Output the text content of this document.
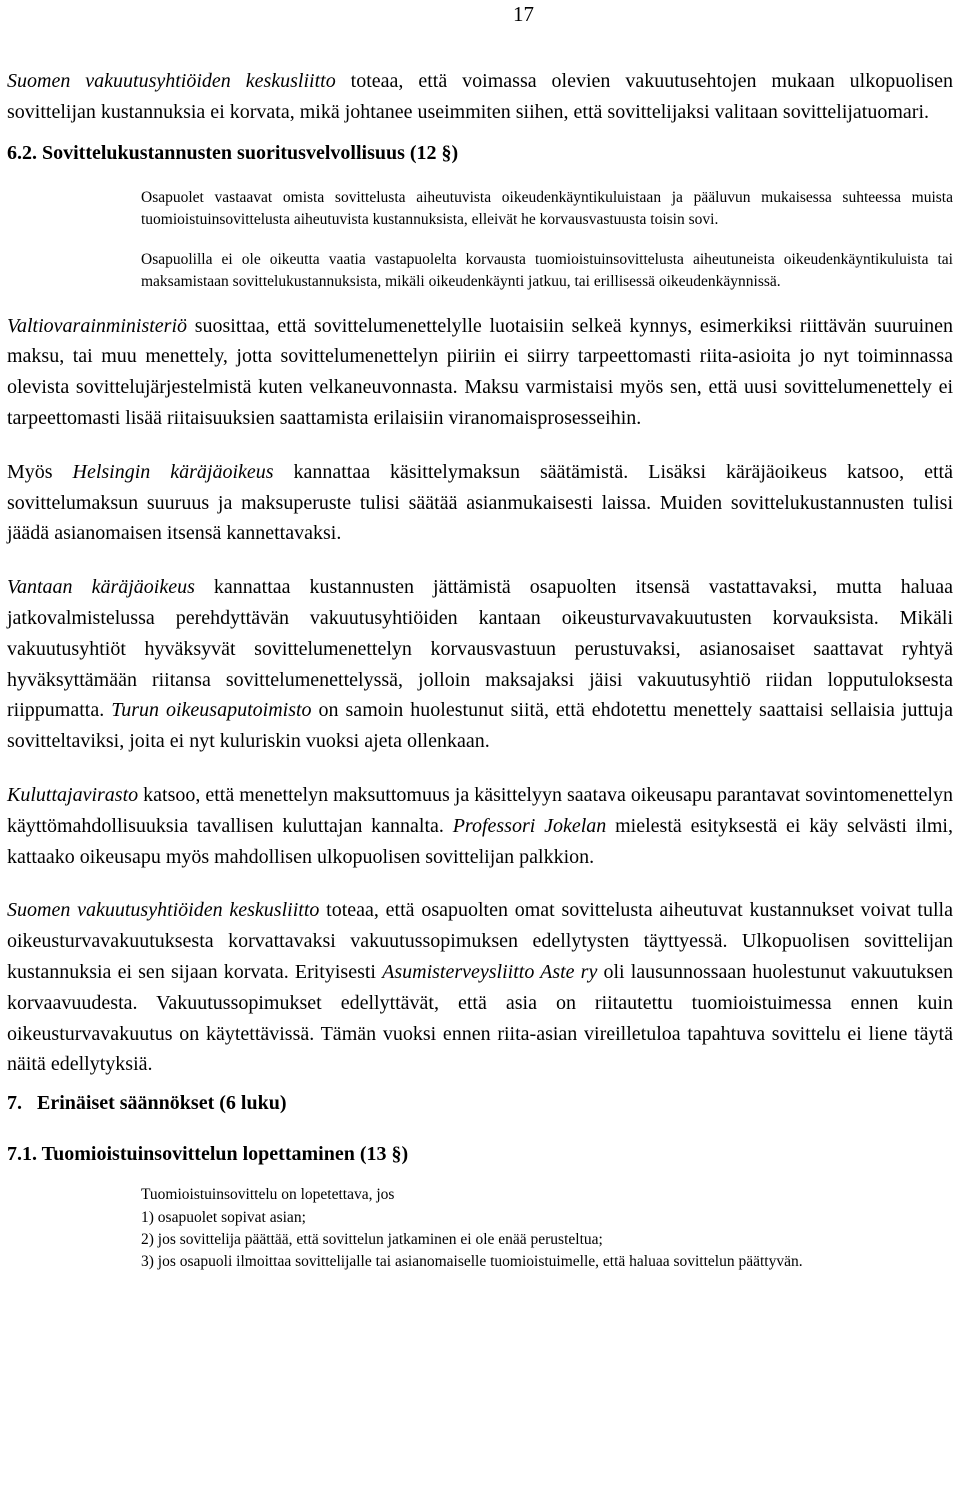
17

Suomen vakuutusyhtiöiden keskusliitto toteaa, että voimassa olevien vakuutusehtojen mukaan ulkopuolisen sovittelijan kustannuksia ei korvata, mikä johtanee useimmiten siihen, että sovittelijaksi valitaan sovittelijatuomari.

6.2. Sovittelukustannusten suoritusvelvollisuus (12 §)

Osapuolet vastaavat omista sovittelusta aiheutuvista oikeudenkäyntikuluistaan ja pääluvun mukaisessa suhteessa muista tuomioistuinsovittelusta aiheutuvista kustannuksista, elleivät he korvausvastuusta toisin sovi.

Osapuolilla ei ole oikeutta vaatia vastapuolelta korvausta tuomioistuinsovittelusta aiheutuneista oikeudenkäyntikuluista tai maksamistaan sovittelukustannuksista, mikäli oikeudenkäynti jatkuu, tai erillisessä oikeudenkäynnissä.

Valtiovarainministeriö suosittaa, että sovittelumenettelylle luotaisiin selkeä kynnys, esimerkiksi riittävän suuruinen maksu, tai muu menettely, jotta sovittelumenettelyn piiriin ei siirry tarpeettomasti riita-asioita jo nyt toiminnassa olevista sovittelujärjestelmistä kuten velkaneuvonnasta. Maksu varmistaisi myös sen, että uusi sovittelumenettely ei tarpeettomasti lisää riitaisuuksien saattamista erilaisiin viranomaisprosesseihin.

Myös Helsingin käräjäoikeus kannattaa käsittelymaksun säätämistä. Lisäksi käräjäoikeus katsoo, että sovittelumaksun suuruus ja maksuperuste tulisi säätää asianmukaisesti laissa. Muiden sovittelukustannusten tulisi jäädä asianomaisen itsensä kannettavaksi.

Vantaan käräjäoikeus kannattaa kustannusten jättämistä osapuolten itsensä vastattavaksi, mutta haluaa jatkovalmistelussa perehdyttävän vakuutusyhtiöiden kantaan oikeusturvavakuutusten korvauksista. Mikäli vakuutusyhtiöt hyväksyvät sovittelumenettelyn korvausvastuun perustuvaksi, asianosaiset saattavat ryhtyä hyväksyttämään riitansa sovittelumenettelyssä, jolloin maksajaksi jäisi vakuutusyhtiö riidan lopputuloksesta riippumatta. Turun oikeusaputoimisto on samoin huolestunut siitä, että ehdotettu menettely saattaisi sellaisia juttuja sovitteltaviksi, joita ei nyt kuluriskin vuoksi ajeta ollenkaan.

Kuluttajavirasto katsoo, että menettelyn maksuttomuus ja käsittelyyn saatava oikeusapu parantavat sovintomenettelyn käyttömahdollisuuksia tavallisen kuluttajan kannalta. Professori Jokelan mielestä esityksestä ei käy selvästi ilmi, kattaako oikeusapu myös mahdollisen ulkopuolisen sovittelijan palkkion.

Suomen vakuutusyhtiöiden keskusliitto toteaa, että osapuolten omat sovittelusta aiheutuvat kustannukset voivat tulla oikeusturvavakuutuksesta korvattavaksi vakuutussopimuksen edellytysten täyttyessä. Ulkopuolisen sovittelijan kustannuksia ei sen sijaan korvata. Erityisesti Asumisterveysliitto Aste ry oli lausunnossaan huolestunut vakuutuksen korvaavuudesta. Vakuutussopimukset edellyttävät, että asia on riitautettu tuomioistuimessa ennen kuin oikeusturvavakuutus on käytettävissä. Tämän vuoksi ennen riita-asian vireilletuloa tapahtuva sovittelu ei liene täytä näitä edellytyksiä.

7.   Erinäiset säännökset (6 luku)
7.1. Tuomioistuinsovittelun lopettaminen (13 §)
Tuomioistuinsovittelu on lopetettava, jos
1) osapuolet sopivat asian;
2) jos sovittelija päättää, että sovittelun jatkaminen ei ole enää perusteltua;
3) jos osapuoli ilmoittaa sovittelijalle tai asianomaiselle tuomioistuimelle, että haluaa sovittelun päättyvän.
